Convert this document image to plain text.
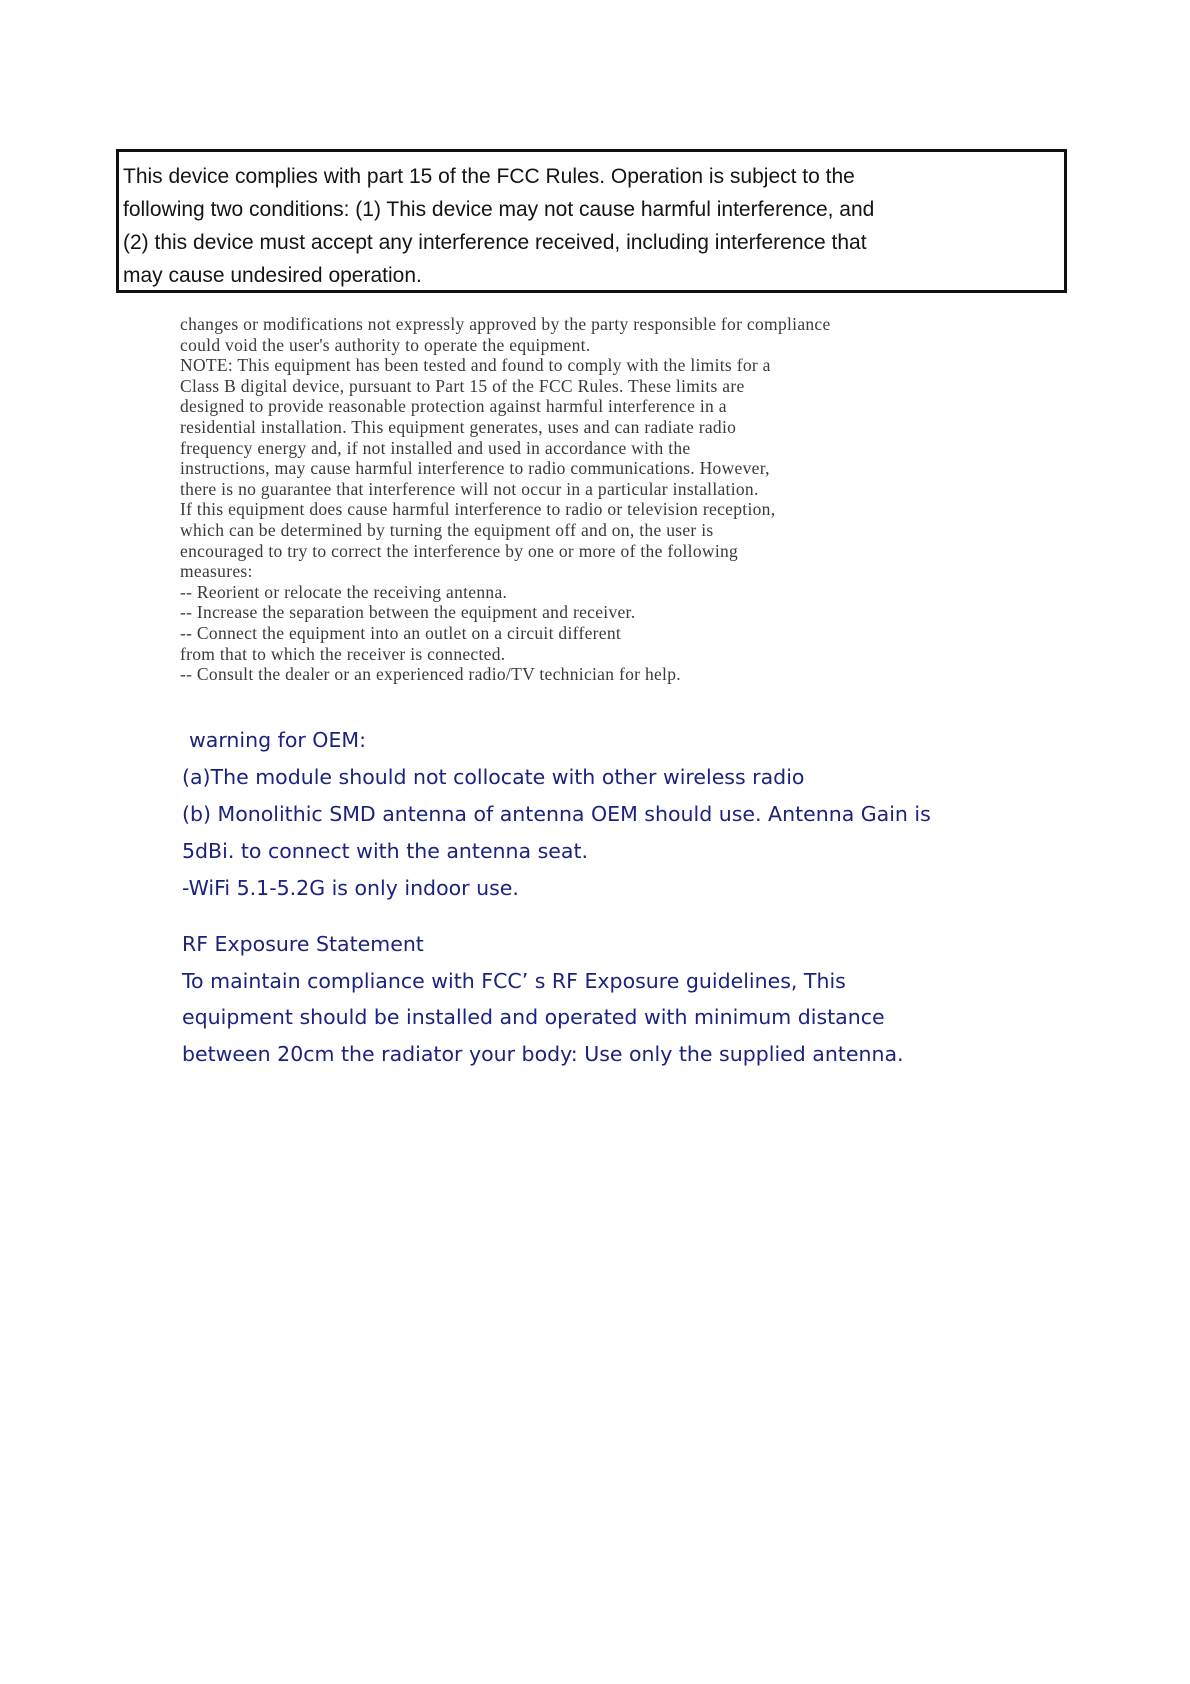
This device complies with part 15 of the FCC Rules. Operation is subject to the
following two conditions: (1) This device may not cause harmful interference, and
(2) this device must accept any interference received, including interference that
may cause undesired operation.
changes or modifications not expressly approved by the party responsible for compliance
could void the user's authority to operate the equipment.
NOTE: This equipment has been tested and found to comply with the limits for a
Class B digital device, pursuant to Part 15 of the FCC Rules. These limits are
designed to provide reasonable protection against harmful interference in a
residential installation. This equipment generates, uses and can radiate radio
frequency energy and, if not installed and used in accordance with the
instructions, may cause harmful interference to radio communications. However,
there is no guarantee that interference will not occur in a particular installation.
If this equipment does cause harmful interference to radio or television reception,
which can be determined by turning the equipment off and on, the user is
encouraged to try to correct the interference by one or more of the following
measures:
-- Reorient or relocate the receiving antenna.
-- Increase the separation between the equipment and receiver.
-- Connect the equipment into an outlet on a circuit different
from that to which the receiver is connected.
-- Consult the dealer or an experienced radio/TV technician for help.
warning for OEM:
(a)The module should not collocate with other wireless radio
(b) Monolithic SMD antenna of antenna OEM should use. Antenna Gain is
5dBi. to connect with the antenna seat.
-WiFi 5.1-5.2G is only indoor use.
RF Exposure Statement
To maintain compliance with FCC’ s RF Exposure guidelines, This
equipment should be installed and operated with minimum distance
between 20cm the radiator your body: Use only the supplied antenna.
